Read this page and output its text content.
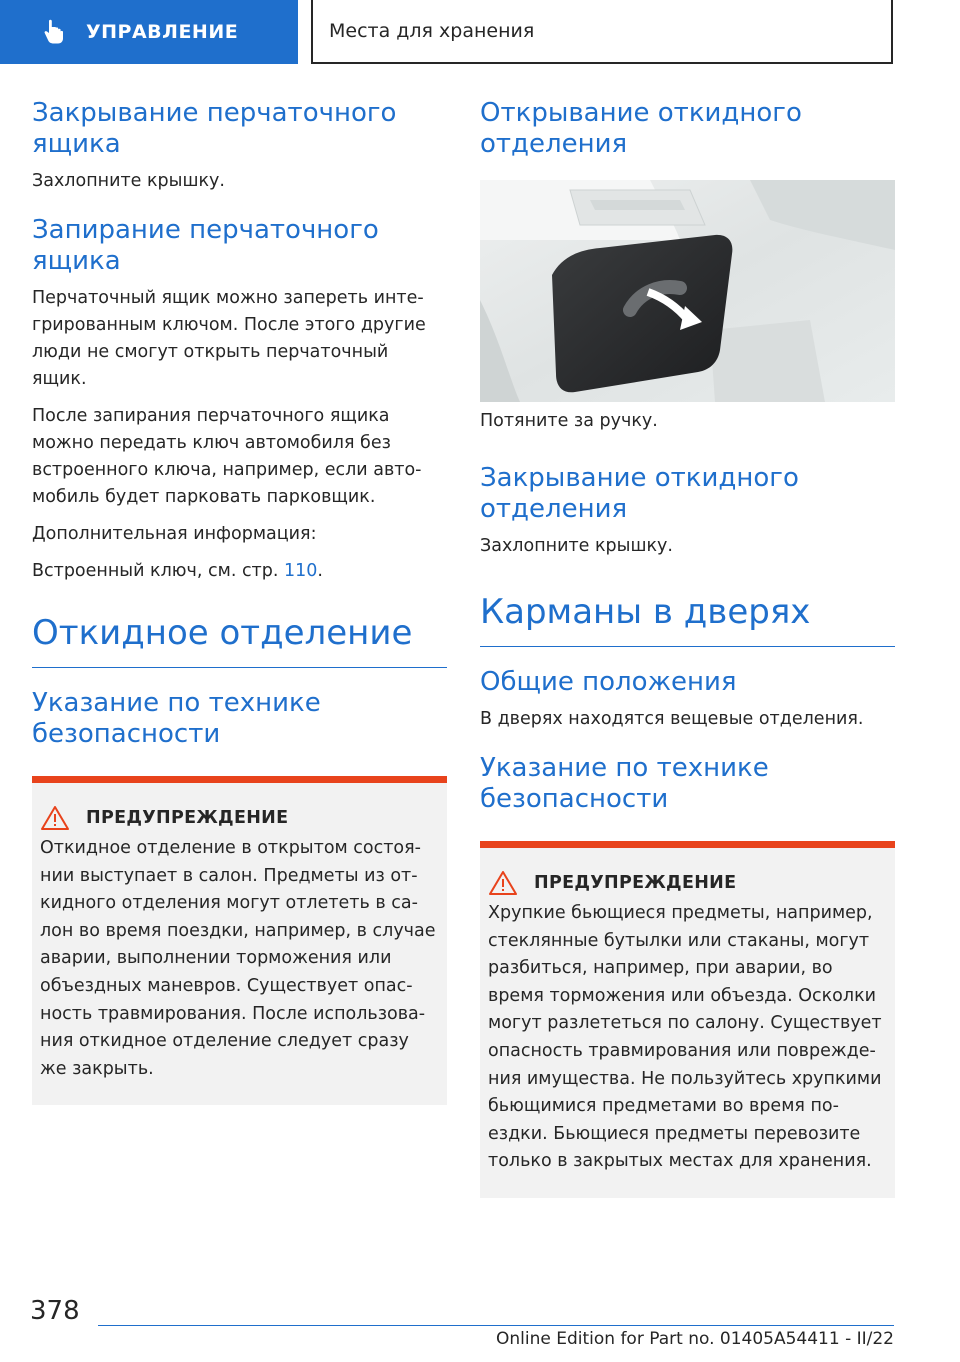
УПРАВЛЕНИЕ	Места для хранения
Закрывание перчаточного ящика

Захлопните крышку.

Запирание перчаточного ящика

Перчаточный ящик можно запереть инте-грированным ключом. После этого другие люди не смогут открыть перчаточный ящик.

После запирания перчаточного ящика можно передать ключ автомобиля без встроенного ключа, например, если авто-мобиль будет парковать парковщик.

Дополнительная информация:

Встроенный ключ, см. стр. 110.

Откидное отделение
Указание по технике безопасности
ПРЕДУПРЕЖДЕНИЕ

Откидное отделение в открытом состоя-нии выступает в салон. Предметы из от-кидного отделения могут отлететь в са-лон во время поездки, например, в случае аварии, выполнении торможения или объездных маневров. Существует опас-ность травмирования. После использова-ния откидное отделение следует сразу же закрыть.

Открывание откидного отделения

Потяните за ручку.

Закрывание откидного отделения

Захлопните крышку.

Карманы в дверях
Общие положения

В дверях находятся вещевые отделения.

Указание по технике безопасности
ПРЕДУПРЕЖДЕНИЕ

Хрупкие бьющиеся предметы, например, стеклянные бутылки или стаканы, могут разбиться, например, при аварии, во время торможения или объезда. Осколки могут разлететься по салону. Существует опасность травмирования или поврежде-ния имущества. Не пользуйтесь хрупкими бьющимися предметами во время по-ездки. Бьющиеся предметы перевозите только в закрытых местах для хранения.

378
Online Edition for Part no. 01405A54411 - II/22
